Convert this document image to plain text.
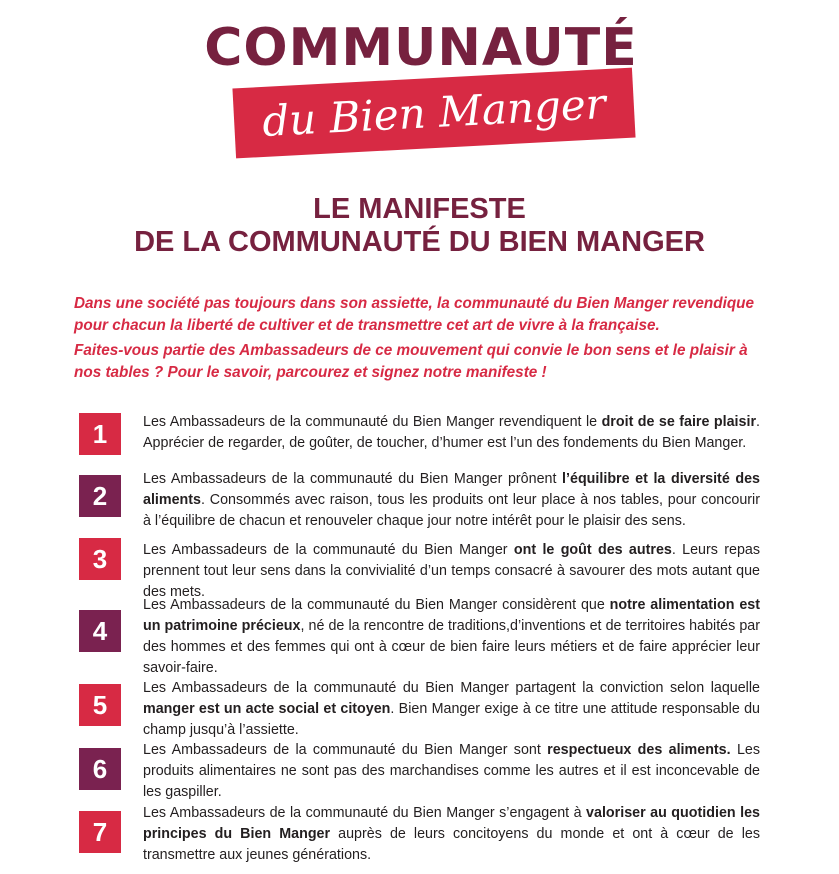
COMMUNAUTÉ
du Bien Manger
LE MANIFESTE
DE LA COMMUNAUTÉ DU BIEN MANGER

Dans une société pas toujours dans son assiette, la communauté du Bien Manger revendique pour chacun la liberté de cultiver et de transmettre cet art de vivre à la française.

Faites-vous partie des Ambassadeurs de ce mouvement qui convie le bon sens et le plaisir à nos tables ? Pour le savoir, parcourez et signez notre manifeste !

1	Les Ambassadeurs de la communauté du Bien Manger revendiquent le droit de se faire plaisir. Apprécier de regarder, de goûter, de toucher, d’humer est l’un des fondements du Bien Manger.
2
Les Ambassadeurs de la communauté du Bien Manger prônent l’équilibre et la diversité des aliments. Consommés avec raison, tous les produits ont leur place à nos tables, pour concourir à l’équilibre de chacun et renouveler chaque jour notre intérêt pour le plaisir des sens.
3	Les Ambassadeurs de la communauté du Bien Manger ont le goût des autres. Leurs repas prennent tout leur sens dans la convivialité d’un temps consacré à savourer des mots autant que des mets.
4
Les Ambassadeurs de la communauté du Bien Manger considèrent que notre alimentation est un patrimoine précieux, né de la rencontre de traditions,d’inventions et de territoires habités par des hommes et des femmes qui ont à cœur de bien faire leurs métiers et de faire apprécier leur savoir-faire.
5
Les Ambassadeurs de la communauté du Bien Manger partagent la conviction selon laquelle manger est un acte social et citoyen. Bien Manger exige à ce titre une attitude responsable du champ jusqu’à l’assiette.
6
Les Ambassadeurs de la communauté du Bien Manger sont respectueux des aliments. Les produits alimentaires ne sont pas des marchandises comme les autres et il est inconcevable de les gaspiller.
7
Les Ambassadeurs de la communauté du Bien Manger s’engagent à valoriser au quotidien les principes du Bien Manger auprès de leurs concitoyens du monde et ont à cœur de les transmettre aux jeunes générations.
